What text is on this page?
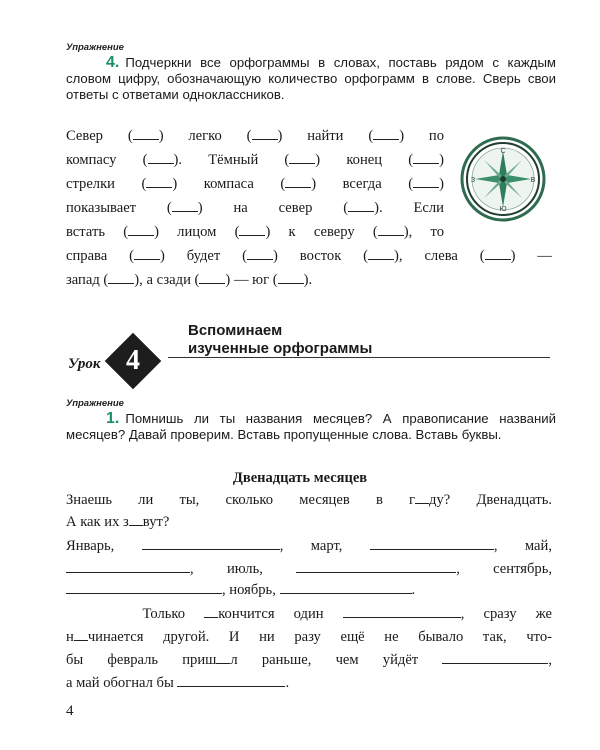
Упражнение
4. Подчеркни все орфограммы в словах, поставь рядом с каждым словом цифру, обозначающую количество орфограмм в слове. Сверь свои ответы с ответами одноклассников.
Север ( ) легко ( ) найти ( ) по
компасу ( ). Тёмный ( ) конец ( )
стрелки ( ) компаса ( ) всегда ( )
показывает ( ) на север ( ). Если
встать ( ) лицом ( ) к северу ( ), то
справа ( ) будет ( ) восток ( ), слева ( ) —
запад ( ), а сзади ( ) — юг ( ).
С
Ю
В
З
Урок 4
Вспоминаем
изученные орфограммы
Упражнение
1. Помнишь ли ты названия месяцев? А правописание названий месяцев? Давай проверим. Вставь пропущенные слова. Вставь буквы.
Двенадцать месяцев
Знаешь ли ты, сколько месяцев в г ду? Двенадцать.
А как их з вут?
Январь,	, март,	, май,
, июль,	, сентябрь,
, ноябрь,	.
Только кончится один	, сразу же
н чинается другой. И ни разу ещё не бывало так, что-
бы февраль приш л раньше, чем уйдёт	,
а май обогнал бы	.
4
